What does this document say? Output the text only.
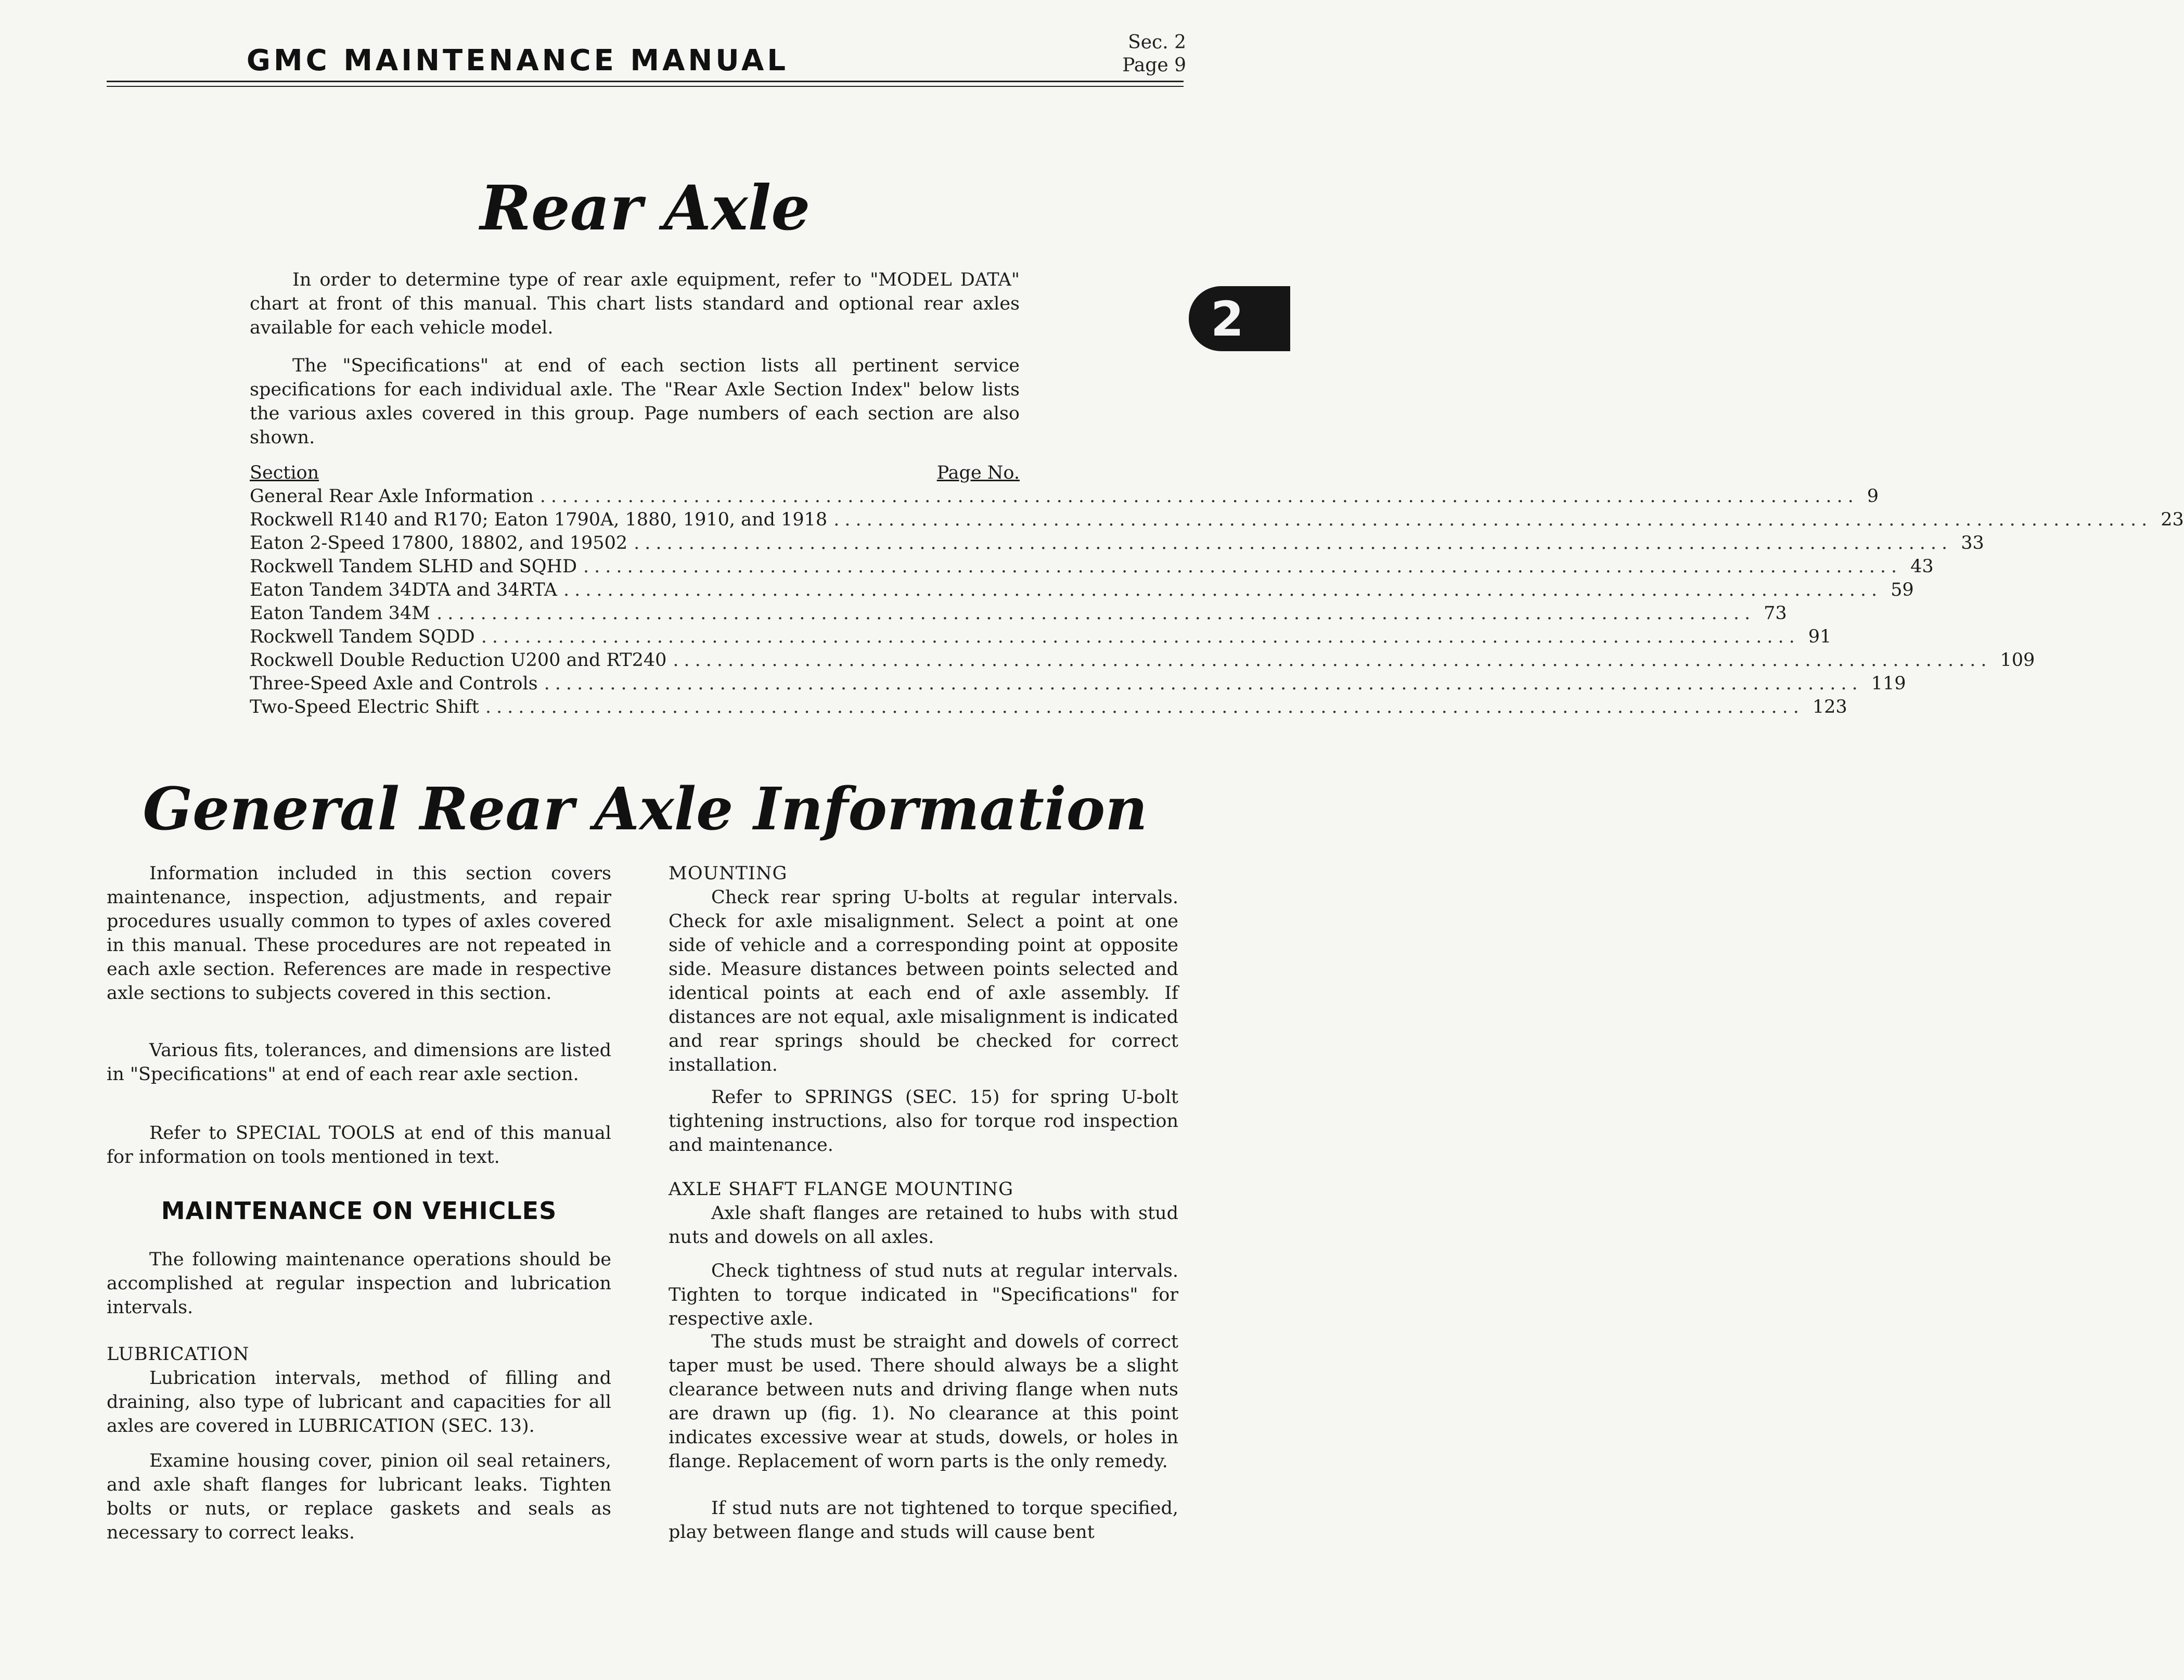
GMC MAINTENANCE MANUAL
Sec. 2
Page 9
2
Rear Axle

In order to determine type of rear axle equipment, refer to "MODEL DATA" chart at front of this manual. This chart lists standard and optional rear axles available for each vehicle model.

The "Specifications" at end of each section lists all pertinent service specifications for each individual axle. The "Rear Axle Section Index" below lists the various axles covered in this group. Page numbers of each section are also shown.

Section	Page No.
General Rear Axle Information ........................................................................................................................ 9
Rockwell R140 and R170; Eaton 1790A, 1880, 1910, and 1918 ........................................................................................................................ 23
Eaton 2-Speed 17800, 18802, and 19502 ........................................................................................................................ 33
Rockwell Tandem SLHD and SQHD ........................................................................................................................ 43
Eaton Tandem 34DTA and 34RTA ........................................................................................................................ 59
Eaton Tandem 34M ........................................................................................................................ 73
Rockwell Tandem SQDD ........................................................................................................................ 91
Rockwell Double Reduction U200 and RT240 ........................................................................................................................ 109
Three-Speed Axle and Controls ........................................................................................................................ 119
Two-Speed Electric Shift ........................................................................................................................ 123
General Rear Axle Information

Information included in this section covers maintenance, inspection, adjustments, and repair procedures usually common to types of axles covered in this manual. These procedures are not repeated in each axle section. References are made in respective axle sections to subjects covered in this section.

Various fits, tolerances, and dimensions are listed in "Specifications" at end of each rear axle section.

Refer to SPECIAL TOOLS at end of this manual for information on tools mentioned in text.

MAINTENANCE ON VEHICLES

The following maintenance operations should be accomplished at regular inspection and lubrication intervals.

LUBRICATION

Lubrication intervals, method of filling and draining, also type of lubricant and capacities for all axles are covered in LUBRICATION (SEC. 13).

Examine housing cover, pinion oil seal retainers, and axle shaft flanges for lubricant leaks. Tighten bolts or nuts, or replace gaskets and seals as necessary to correct leaks.

MOUNTING

Check rear spring U-bolts at regular intervals. Check for axle misalignment. Select a point at one side of vehicle and a corresponding point at opposite side. Measure distances between points selected and identical points at each end of axle assembly. If distances are not equal, axle misalignment is indicated and rear springs should be checked for correct installation.

Refer to SPRINGS (SEC. 15) for spring U-bolt tightening instructions, also for torque rod inspection and maintenance.

AXLE SHAFT FLANGE MOUNTING

Axle shaft flanges are retained to hubs with stud nuts and dowels on all axles.

Check tightness of stud nuts at regular intervals. Tighten to torque indicated in "Specifications" for respective axle.

The studs must be straight and dowels of correct taper must be used. There should always be a slight clearance between nuts and driving flange when nuts are drawn up (fig. 1). No clearance at this point indicates excessive wear at studs, dowels, or holes in flange. Replacement of worn parts is the only remedy.

If stud nuts are not tightened to torque specified, play between flange and studs will cause bent
